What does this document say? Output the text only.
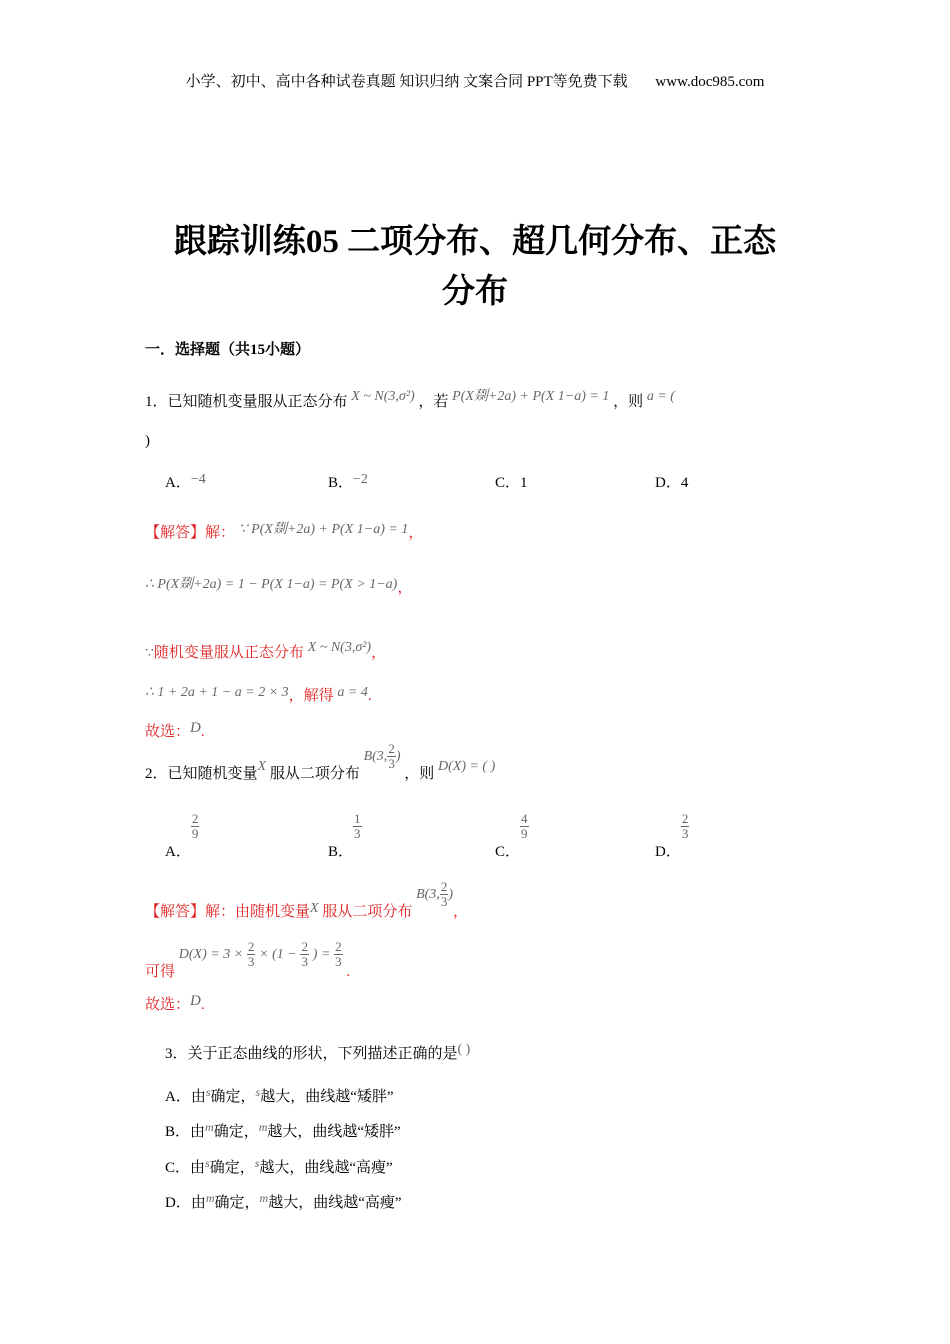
小学、初中、高中各种试卷真题 知识归纳 文案合同 PPT等免费下载 www.doc985.com
跟踪训练05 二项分布、超几何分布、正态
分布
一．选择题（共15小题）
1．已知随机变量服从正态分布 X ~ N(3,σ²) ，若 P(X剟+2a) + P(X 1−a) = 1 ，则 a = (
)
A．−4	B．−2	C．1	D．4
【解答】解： ∵ P(X剟+2a) + P(X 1−a) = 1，
∴ P(X剟+2a) = 1 − P(X 1−a) = P(X > 1−a)，
∵随机变量服从正态分布 X ~ N(3,σ²)，
∴ 1 + 2a + 1 − a = 2 × 3，解得 a = 4.
故选：D.
2．已知随机变量X 服从二项分布 B(3, $\frac{2}{3}$ ) ，则 D(X) = ( )
A．
$\frac{2}{9}$
B．
$\frac{1}{3}$
C．
$\frac{4}{9}$
D．
$\frac{2}{3}$
【解答】解：由随机变量X 服从二项分布 B(3, $\frac{2}{3}$ )，
可得 $D(X) = 3 \times \frac{2}{3} \times (1 - \frac{2}{3}$ ) = $\frac{2}{3}$
.
故选：D.
3．关于正态曲线的形状，下列描述正确的是( )
A．由$^s$确定，$^s$越大，曲线越“矮胖”
B．由$^m$确定，$^m$越大，曲线越“矮胖”
C．由$^s$确定，$^s$越大，曲线越“高瘦”
D．由$^m$确定，$^m$越大，曲线越“高瘦”
